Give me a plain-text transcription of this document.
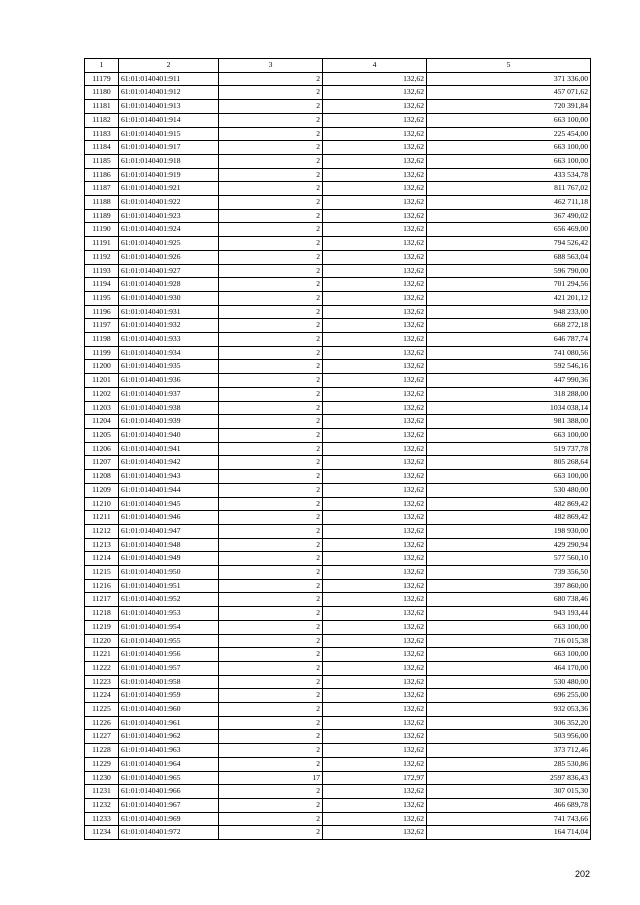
1	2	3	4	5
11179	61:01:0140401:911	2	132,62	371 336,00
11180	61:01:0140401:912	2	132,62	457 071,62
11181	61:01:0140401:913	2	132,62	720 391,84
11182	61:01:0140401:914	2	132,62	663 100,00
11183	61:01:0140401:915	2	132,62	225 454,00
11184	61:01:0140401:917	2	132,62	663 100,00
11185	61:01:0140401:918	2	132,62	663 100,00
11186	61:01:0140401:919	2	132,62	433 534,78
11187	61:01:0140401:921	2	132,62	811 767,02
11188	61:01:0140401:922	2	132,62	462 711,18
11189	61:01:0140401:923	2	132,62	367 490,02
11190	61:01:0140401:924	2	132,62	656 469,00
11191	61:01:0140401:925	2	132,62	794 526,42
11192	61:01:0140401:926	2	132,62	688 563,04
11193	61:01:0140401:927	2	132,62	596 790,00
11194	61:01:0140401:928	2	132,62	701 294,56
11195	61:01:0140401:930	2	132,62	421 201,12
11196	61:01:0140401:931	2	132,62	948 233,00
11197	61:01:0140401:932	2	132,62	668 272,18
11198	61:01:0140401:933	2	132,62	646 787,74
11199	61:01:0140401:934	2	132,62	741 080,56
11200	61:01:0140401:935	2	132,62	592 546,16
11201	61:01:0140401:936	2	132,62	447 990,36
11202	61:01:0140401:937	2	132,62	318 288,00
11203	61:01:0140401:938	2	132,62	1034 038,14
11204	61:01:0140401:939	2	132,62	981 388,00
11205	61:01:0140401:940	2	132,62	663 100,00
11206	61:01:0140401:941	2	132,62	519 737,78
11207	61:01:0140401:942	2	132,62	805 268,64
11208	61:01:0140401:943	2	132,62	663 100,00
11209	61:01:0140401:944	2	132,62	530 480,00
11210	61:01:0140401:945	2	132,62	482 869,42
11211	61:01:0140401:946	2	132,62	482 869,42
11212	61:01:0140401:947	2	132,62	198 930,00
11213	61:01:0140401:948	2	132,62	429 290,94
11214	61:01:0140401:949	2	132,62	577 560,10
11215	61:01:0140401:950	2	132,62	739 356,50
11216	61:01:0140401:951	2	132,62	397 860,00
11217	61:01:0140401:952	2	132,62	680 738,46
11218	61:01:0140401:953	2	132,62	943 193,44
11219	61:01:0140401:954	2	132,62	663 100,00
11220	61:01:0140401:955	2	132,62	716 015,38
11221	61:01:0140401:956	2	132,62	663 100,00
11222	61:01:0140401:957	2	132,62	464 170,00
11223	61:01:0140401:958	2	132,62	530 480,00
11224	61:01:0140401:959	2	132,62	696 255,00
11225	61:01:0140401:960	2	132,62	932 053,36
11226	61:01:0140401:961	2	132,62	306 352,20
11227	61:01:0140401:962	2	132,62	503 956,00
11228	61:01:0140401:963	2	132,62	373 712,46
11229	61:01:0140401:964	2	132,62	285 530,86
11230	61:01:0140401:965	17	172,97	2597 836,43
11231	61:01:0140401:966	2	132,62	307 015,30
11232	61:01:0140401:967	2	132,62	466 689,78
11233	61:01:0140401:969	2	132,62	741 743,66
11234	61:01:0140401:972	2	132,62	164 714,04
202
